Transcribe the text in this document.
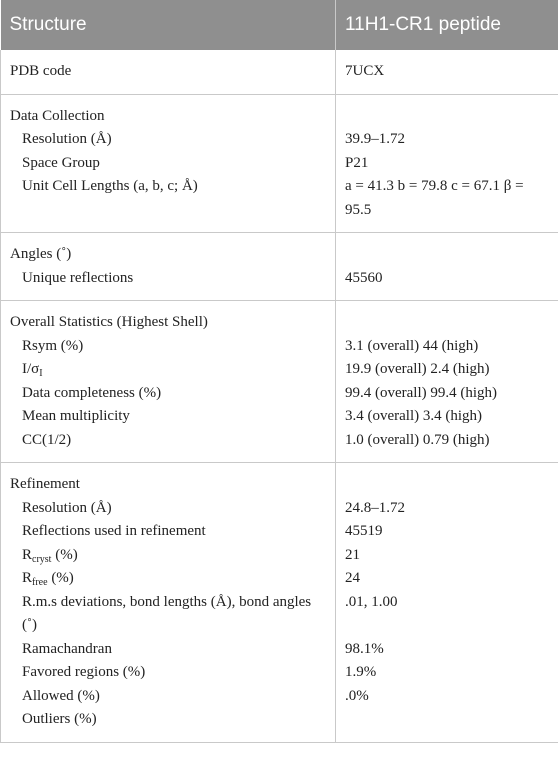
Structure	11H1-CR1 peptide
PDB code	7UCX
Data Collection	
Resolution (Å)	39.9–1.72
Space Group	P21
Unit Cell Lengths (a, b, c; Å)	a = 41.3 b = 79.8 c = 67.1 β = 95.5
Angles (˚)	
Unique reflections	45560
Overall Statistics (Highest Shell)	
Rsym (%)	3.1 (overall) 44 (high)
$I/\sigma_I$	19.9 (overall) 2.4 (high)
Data completeness (%)	99.4 (overall) 99.4 (high)
Mean multiplicity	3.4 (overall) 3.4 (high)
CC(1/2)	1.0 (overall) 0.79 (high)
Refinement	
Resolution (Å)	24.8–1.72
Reflections used in refinement	45519
$R_{cryst}$ (%)	21
$R_{free}$ (%)	24
R.m.s deviations, bond lengths (Å), bond angles (˚)	.01, 1.00
Ramachandran	98.1%
Favored regions (%)	1.9%
Allowed (%)	.0%
Outliers (%)	
